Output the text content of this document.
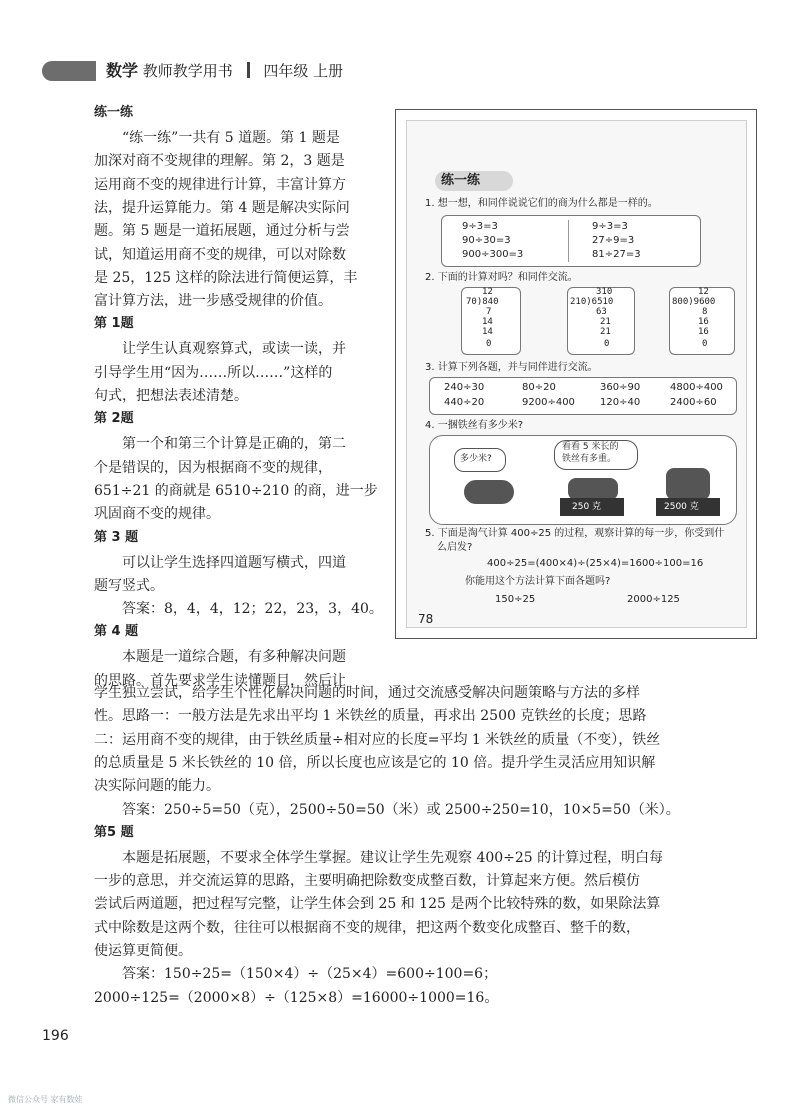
数学 教师教学用书 四年级 上册
练一练
“练一练”一共有 5 道题。第 1 题是
加深对商不变规律的理解。第 2，3 题是
运用商不变的规律进行计算，丰富计算方
法，提升运算能力。第 4 题是解决实际问
题。第 5 题是一道拓展题，通过分析与尝
试，知道运用商不变的规律，可以对除数
是 25，125 这样的除法进行简便运算，丰
富计算方法，进一步感受规律的价值。
第 1题
让学生认真观察算式，或读一读，并
引导学生用“因为……所以……”这样的
句式，把想法表述清楚。
第 2题
第一个和第三个计算是正确的，第二
个是错误的，因为根据商不变的规律，
651÷21 的商就是 6510÷210 的商，进一步
巩固商不变的规律。
第 3 题
可以让学生选择四道题写横式，四道
题写竖式。
答案：8，4，4，12；22，23，3，40。
第 4 题
本题是一道综合题，有多种解决问题
的思路。首先要求学生读懂题目，然后让
学生独立尝试，给学生个性化解决问题的时间，通过交流感受解决问题策略与方法的多样
性。思路一：一般方法是先求出平均 1 米铁丝的质量，再求出 2500 克铁丝的长度；思路
二：运用商不变的规律，由于铁丝质量÷相对应的长度=平均 1 米铁丝的质量（不变），铁丝
的总质量是 5 米长铁丝的 10 倍，所以长度也应该是它的 10 倍。提升学生灵活应用知识解
决实际问题的能力。
答案：250÷5=50（克），2500÷50=50（米）或 2500÷250=10，10×5=50（米）。
第5 题
本题是拓展题，不要求全体学生掌握。建议让学生先观察 400÷25 的计算过程，明白每
一步的意思，并交流运算的思路，主要明确把除数变成整百数，计算起来方便。然后模仿
尝试后两道题，把过程写完整，让学生体会到 25 和 125 是两个比较特殊的数，如果除法算
式中除数是这两个数，往往可以根据商不变的规律，把这两个数变化成整百、整千的数，
使运算更简便。
答案：150÷25=（150×4）÷（25×4）=600÷100=6；
2000÷125=（2000×8）÷（125×8）=16000÷1000=16。
练一练
1. 想一想，和同伴说说它们的商为什么都是一样的。
9÷3=3
90÷30=3
900÷300=3
9÷3=3
27÷9=3
81÷27=3
2. 下面的计算对吗？和同伴交流。
12
70)840
7
14
14
0
310
210)6510
63
21
21
0
12
800)9600
8
16
16
0
3. 计算下列各题，并与同伴进行交流。
240÷30	80÷20	360÷90	4800÷400
440÷20	9200÷400	120÷40	2400÷60
4. 一捆铁丝有多少米?
多少米?
看看 5 米长的
铁丝有多重。
250 克	2500 克
5. 下面是淘气计算 400÷25 的过程，观察计算的每一步，你受到什
么启发?
400÷25=(400×4)÷(25×4)=1600÷100=16
你能用这个方法计算下面各题吗?
150÷25	2000÷125
78
196
微信公众号 家有数娃
